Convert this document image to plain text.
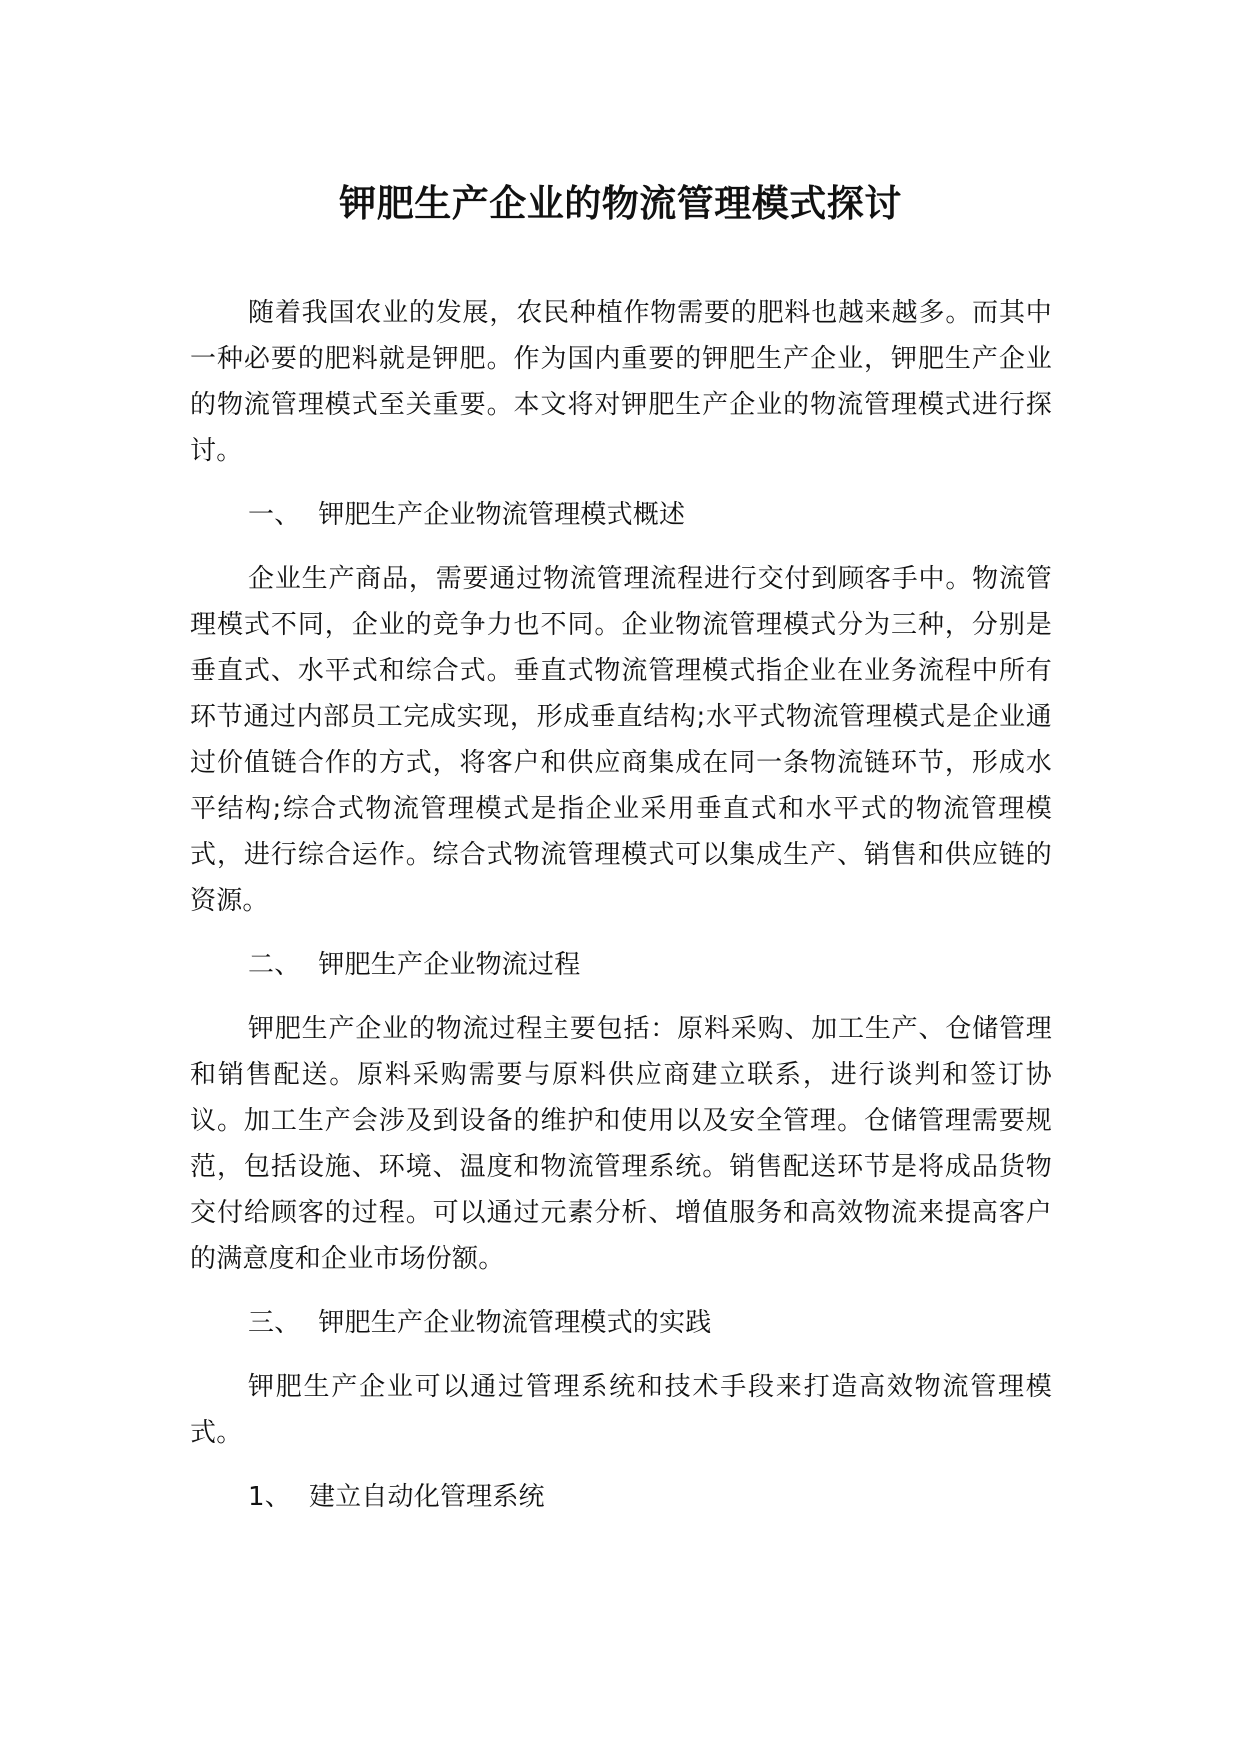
钾肥生产企业的物流管理模式探讨

随着我国农业的发展，农民种植作物需要的肥料也越来越多。而其中一种必要的肥料就是钾肥。作为国内重要的钾肥生产企业，钾肥生产企业的物流管理模式至关重要。本文将对钾肥生产企业的物流管理模式进行探讨。

一、 钾肥生产企业物流管理模式概述

企业生产商品，需要通过物流管理流程进行交付到顾客手中。物流管理模式不同，企业的竞争力也不同。企业物流管理模式分为三种，分别是垂直式、水平式和综合式。垂直式物流管理模式指企业在业务流程中所有环节通过内部员工完成实现，形成垂直结构;水平式物流管理模式是企业通过价值链合作的方式，将客户和供应商集成在同一条物流链环节，形成水平结构;综合式物流管理模式是指企业采用垂直式和水平式的物流管理模式，进行综合运作。综合式物流管理模式可以集成生产、销售和供应链的资源。

二、 钾肥生产企业物流过程

钾肥生产企业的物流过程主要包括：原料采购、加工生产、仓储管理和销售配送。原料采购需要与原料供应商建立联系，进行谈判和签订协议。加工生产会涉及到设备的维护和使用以及安全管理。仓储管理需要规范，包括设施、环境、温度和物流管理系统。销售配送环节是将成品货物交付给顾客的过程。可以通过元素分析、增值服务和高效物流来提高客户的满意度和企业市场份额。

三、 钾肥生产企业物流管理模式的实践

钾肥生产企业可以通过管理系统和技术手段来打造高效物流管理模式。

1、 建立自动化管理系统
